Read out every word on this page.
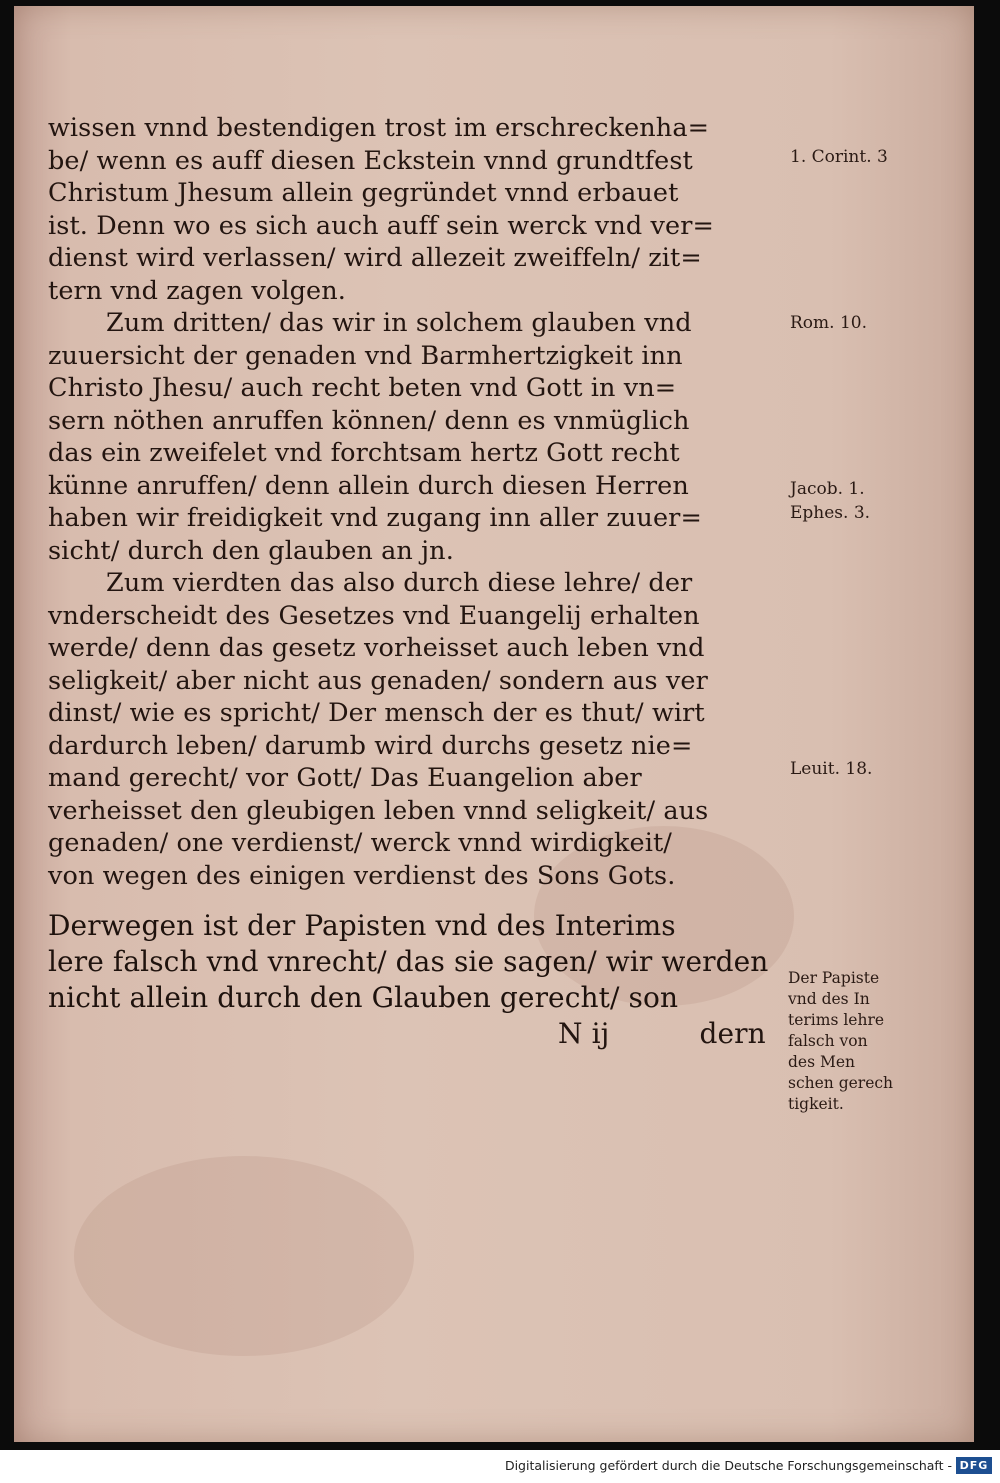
wissen vnnd bestendigen trost im erschreckenha=
be/ wenn es auff diesen Eckstein vnnd grundtfest
Christum Jhesum allein gegründet vnnd erbauet
ist. Denn wo es sich auch auff sein werck vnd ver=
dienst wird verlassen/ wird allezeit zweiffeln/ zit=
tern vnd zagen volgen.
Zum dritten/ das wir in solchem glauben vnd
zuuersicht der genaden vnd Barmhertzigkeit inn
Christo Jhesu/ auch recht beten vnd Gott in vn=
sern nöthen anruffen können/ denn es vnmüglich
das ein zweifelet vnd forchtsam hertz Gott recht
künne anruffen/ denn allein durch diesen Herren
haben wir freidigkeit vnd zugang inn aller zuuer=
sicht/ durch den glauben an jn.
Zum vierdten das also durch diese lehre/ der
vnderscheidt des Gesetzes vnd Euangelij erhalten
werde/ denn das gesetz vorheisset auch leben vnd
seligkeit/ aber nicht aus genaden/ sondern aus ver
dinst/ wie es spricht/ Der mensch der es thut/ wirt
dardurch leben/ darumb wird durchs gesetz nie=
mand gerecht/ vor Gott/ Das Euangelion aber
verheisset den gleubigen leben vnnd seligkeit/ aus
genaden/ one verdienst/ werck vnnd wirdigkeit/
von wegen des einigen verdienst des Sons Gots.
Derwegen ist der Papisten vnd des Interims
lere falsch vnd vnrecht/ das sie sagen/ wir werden
nicht allein durch den Glauben gerecht/ son
N ij	dern
1. Corint. 3
Rom. 10.
Jacob. 1.
Ephes. 3.
Leuit. 18.
Der Papiste
vnd des In
terims lehre
falsch von
des Men
schen gerech
tigkeit.
Digitalisierung gefördert durch die Deutsche Forschungsgemeinschaft - DFG
